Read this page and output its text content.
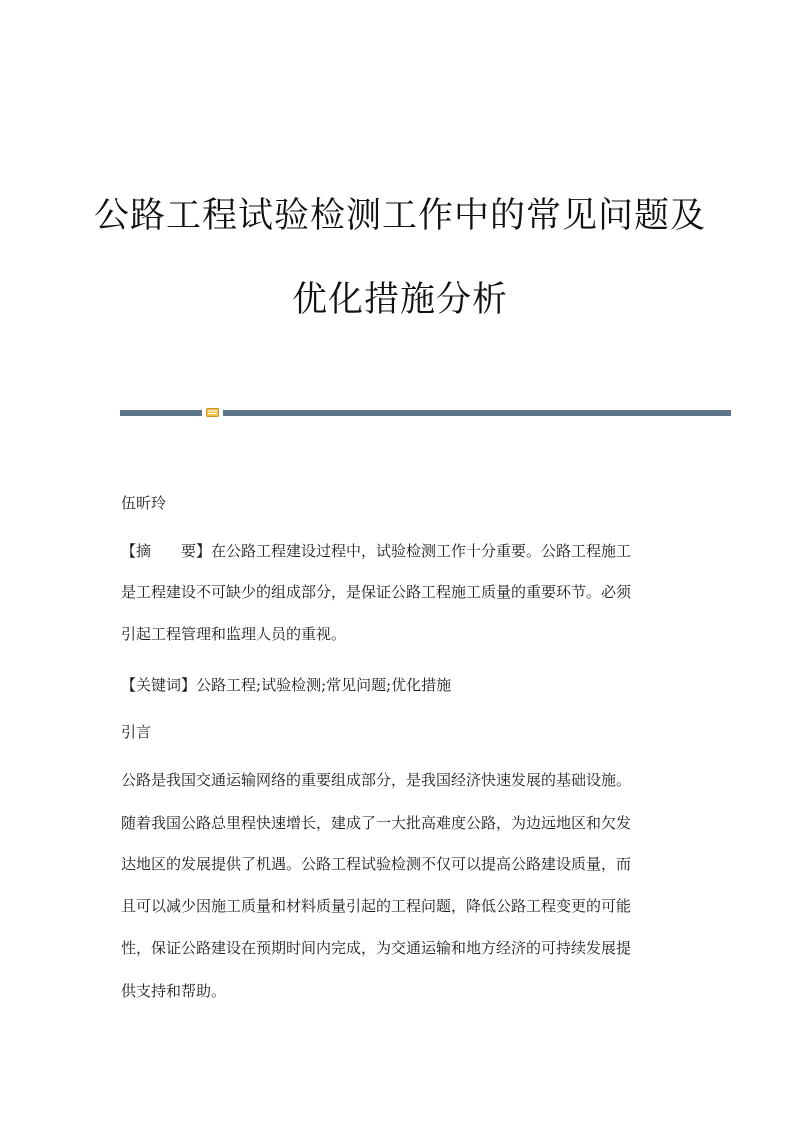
公路工程试验检测工作中的常见问题及
优化措施分析
伍昕玲
【摘 要】在公路工程建设过程中，试验检测工作十分重要。公路工程施工
是工程建设不可缺少的组成部分，是保证公路工程施工质量的重要环节。必须
引起工程管理和监理人员的重视。
【关键词】公路工程;试验检测;常见问题;优化措施
引言
公路是我国交通运输网络的重要组成部分，是我国经济快速发展的基础设施。
随着我国公路总里程快速增长，建成了一大批高难度公路，为边远地区和欠发
达地区的发展提供了机遇。公路工程试验检测不仅可以提高公路建设质量，而
且可以减少因施工质量和材料质量引起的工程问题，降低公路工程变更的可能
性，保证公路建设在预期时间内完成，为交通运输和地方经济的可持续发展提
供支持和帮助。
